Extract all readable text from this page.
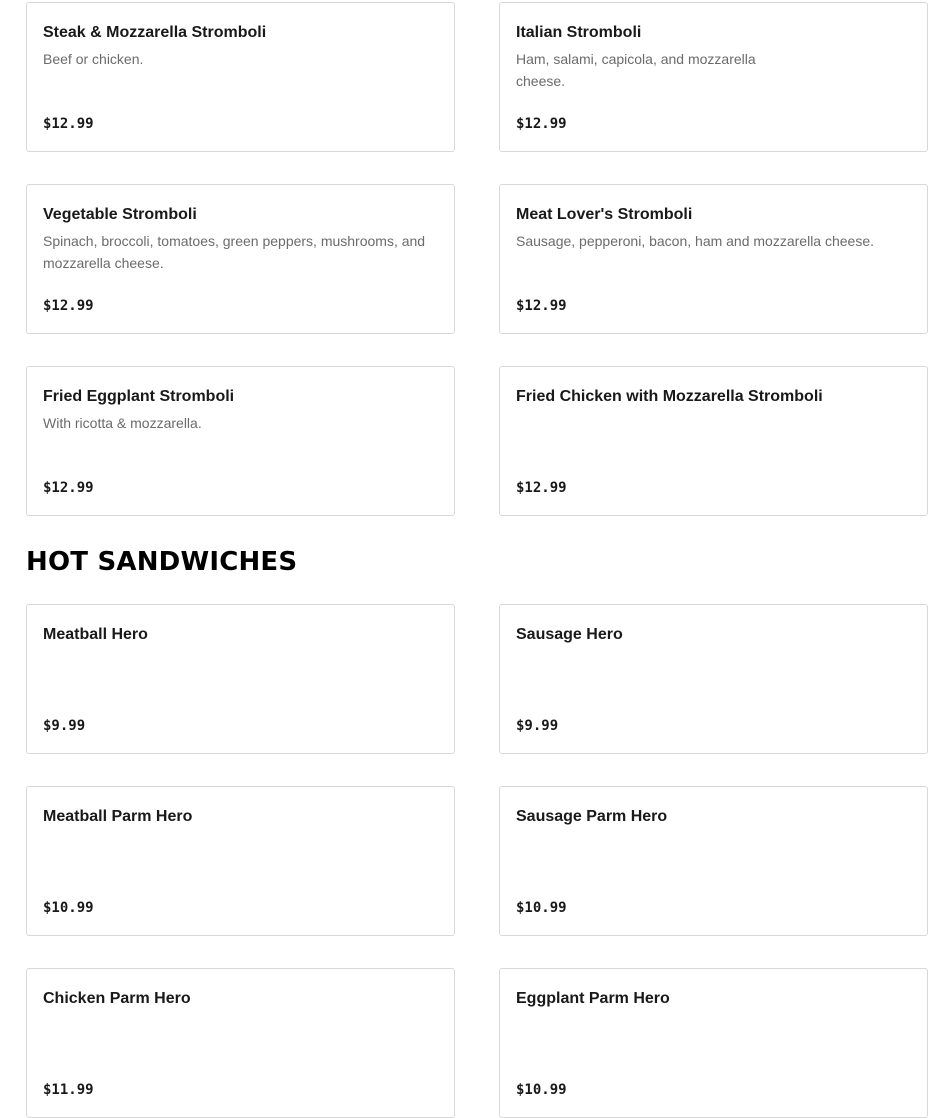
Steak & Mozzarella Stromboli
Beef or chicken.
$12.99
Italian Stromboli
Ham, salami, capicola, and mozzarella cheese.
$12.99
Vegetable Stromboli
Spinach, broccoli, tomatoes, green peppers, mushrooms, and mozzarella cheese.
$12.99
Meat Lover's Stromboli
Sausage, pepperoni, bacon, ham and mozzarella cheese.
$12.99
Fried Eggplant Stromboli
With ricotta & mozzarella.
$12.99
Fried Chicken with Mozzarella Stromboli
$12.99
HOT SANDWICHES
Meatball Hero
$9.99
Sausage Hero
$9.99
Meatball Parm Hero
$10.99
Sausage Parm Hero
$10.99
Chicken Parm Hero
$11.99
Eggplant Parm Hero
$10.99
